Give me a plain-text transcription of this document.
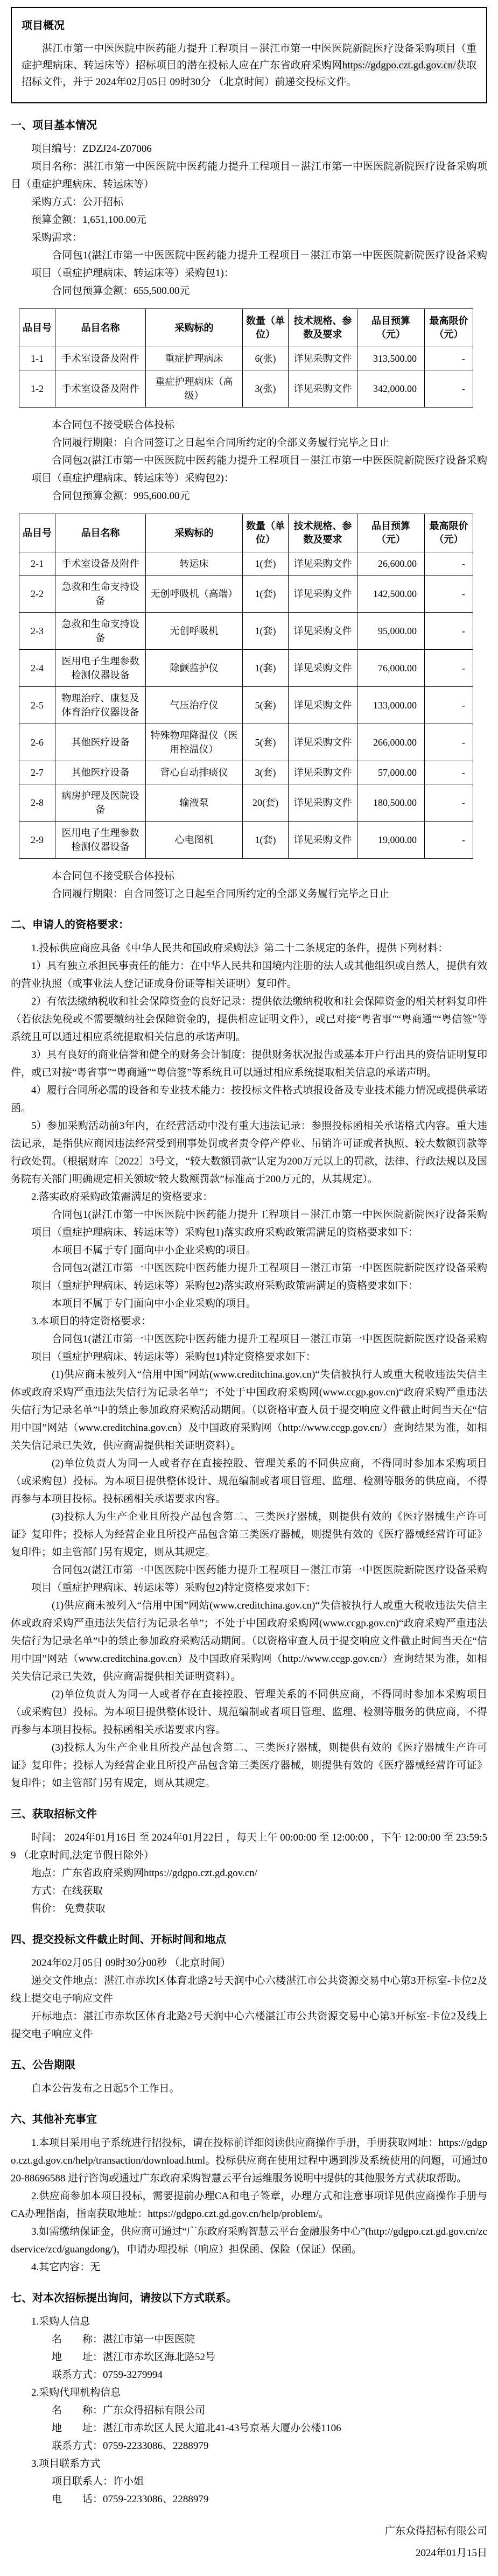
项目概况

湛江市第一中医医院中医药能力提升工程项目－湛江市第一中医医院新院医疗设备采购项目（重症护理病床、转运床等）招标项目的潜在投标人应在广东省政府采购网https://gdgpo.czt.gd.gov.cn/获取招标文件，并于 2024年02月05日 09时30分 （北京时间）前递交投标文件。

一、项目基本情况

项目编号：ZDZJ24-Z07006

项目名称：湛江市第一中医医院中医药能力提升工程项目－湛江市第一中医医院新院医疗设备采购项目（重症护理病床、转运床等）

采购方式：公开招标

预算金额：1,651,100.00元

采购需求：

合同包1(湛江市第一中医医院中医药能力提升工程项目－湛江市第一中医医院新院医疗设备采购项目（重症护理病床、转运床等）采购包1)：

合同包预算金额：655,500.00元

品目号	品目名称	采购标的	数量（单位）	技术规格、参数及要求	品目预算（元）	最高限价（元）
1-1	手术室设备及附件	重症护理病床	6(张)	详见采购文件	313,500.00	-
1-2	手术室设备及附件	重症护理病床（高级）	3(张)	详见采购文件	342,000.00	-

本合同包不接受联合体投标

合同履行期限：自合同签订之日起至合同所约定的全部义务履行完毕之日止

合同包2(湛江市第一中医医院中医药能力提升工程项目－湛江市第一中医医院新院医疗设备采购项目（重症护理病床、转运床等）采购包2)：

合同包预算金额：995,600.00元

品目号	品目名称	采购标的	数量（单位）	技术规格、参数及要求	品目预算（元）	最高限价（元）
2-1	手术室设备及附件	转运床	1(套)	详见采购文件	26,600.00	-
2-2	急救和生命支持设备	无创呼吸机（高端）	1(套)	详见采购文件	142,500.00	-
2-3	急救和生命支持设备	无创呼吸机	1(套)	详见采购文件	95,000.00	-
2-4	医用电子生理参数检测仪器设备	除颤监护仪	1(套)	详见采购文件	76,000.00	-
2-5	物理治疗、康复及体育治疗仪器设备	气压治疗仪	5(套)	详见采购文件	133,000.00	-
2-6	其他医疗设备	特殊物理降温仪（医用控温仪）	5(套)	详见采购文件	266,000.00	-
2-7	其他医疗设备	背心自动排痰仪	3(套)	详见采购文件	57,000.00	-
2-8	病房护理及医院设备	输液泵	20(套)	详见采购文件	180,500.00	-
2-9	医用电子生理参数检测仪器设备	心电图机	1(套)	详见采购文件	19,000.00	-

本合同包不接受联合体投标

合同履行期限：自合同签订之日起至合同所约定的全部义务履行完毕之日止

二、申请人的资格要求：

1.投标供应商应具备《中华人民共和国政府采购法》第二十二条规定的条件，提供下列材料：

1）具有独立承担民事责任的能力：在中华人民共和国境内注册的法人或其他组织或自然人，提供有效的营业执照（或事业法人登记证或身份证等相关证明）复印件。

2）有依法缴纳税收和社会保障资金的良好记录：提供依法缴纳税收和社会保障资金的相关材料复印件（若依法免税或不需要缴纳社会保障资金的，提供相应证明文件），或已对接“粤省事”“粤商通”“粤信签”等系统且可以通过相应系统提取相关信息的承诺声明。

3）具有良好的商业信誉和健全的财务会计制度：提供财务状况报告或基本开户行出具的资信证明复印件，或已对接“粤省事”“粤商通”“粤信签”等系统且可以通过相应系统提取相关信息的承诺声明。

4）履行合同所必需的设备和专业技术能力：按投标文件格式填报设备及专业技术能力情况或提供承诺函。

5）参加采购活动前3年内，在经营活动中没有重大违法记录：参照投标函相关承诺格式内容。重大违法记录，是指供应商因违法经营受到刑事处罚或者责令停产停业、吊销许可证或者执照、较大数额罚款等行政处罚。（根据财库〔2022〕3号文，“较大数额罚款”认定为200万元以上的罚款，法律、行政法规以及国务院有关部门明确规定相关领域“较大数额罚款”标准高于200万元的，从其规定）。

2.落实政府采购政策需满足的资格要求：

合同包1(湛江市第一中医医院中医药能力提升工程项目－湛江市第一中医医院新院医疗设备采购项目（重症护理病床、转运床等）采购包1)落实政府采购政策需满足的资格要求如下：

本项目不属于专门面向中小企业采购的项目。

合同包2(湛江市第一中医医院中医药能力提升工程项目－湛江市第一中医医院新院医疗设备采购项目（重症护理病床、转运床等）采购包2)落实政府采购政策需满足的资格要求如下：

本项目不属于专门面向中小企业采购的项目。

3.本项目的特定资格要求：

合同包1(湛江市第一中医医院中医药能力提升工程项目－湛江市第一中医医院新院医疗设备采购项目（重症护理病床、转运床等）采购包1)特定资格要求如下：

(1)供应商未被列入“信用中国”网站(www.creditchina.gov.cn)“失信被执行人或重大税收违法失信主体或政府采购严重违法失信行为记录名单”；不处于中国政府采购网(www.ccgp.gov.cn)“政府采购严重违法失信行为记录名单”中的禁止参加政府采购活动期间。（以资格审查人员于提交响应文件截止时间当天在“信用中国”网站（www.creditchina.gov.cn）及中国政府采购网（http://www.ccgp.gov.cn/）查询结果为准，如相关失信记录已失效，供应商需提供相关证明资料）。

(2)单位负责人为同一人或者存在直接控股、管理关系的不同供应商，不得同时参加本采购项目（或采购包）投标。为本项目提供整体设计、规范编制或者项目管理、监理、检测等服务的供应商，不得再参与本项目投标。投标函相关承诺要求内容。

(3)投标人为生产企业且所投产品包含第二、三类医疗器械，则提供有效的《医疗器械生产许可证》复印件；投标人为经营企业且所投产品包含第三类医疗器械，则提供有效的《医疗器械经营许可证》复印件；如主管部门另有规定，则从其规定。

合同包2(湛江市第一中医医院中医药能力提升工程项目－湛江市第一中医医院新院医疗设备采购项目（重症护理病床、转运床等）采购包2)特定资格要求如下：

(1)供应商未被列入“信用中国”网站(www.creditchina.gov.cn)“失信被执行人或重大税收违法失信主体或政府采购严重违法失信行为记录名单”；不处于中国政府采购网(www.ccgp.gov.cn)“政府采购严重违法失信行为记录名单”中的禁止参加政府采购活动期间。（以资格审查人员于提交响应文件截止时间当天在“信用中国”网站（www.creditchina.gov.cn）及中国政府采购网（http://www.ccgp.gov.cn/）查询结果为准，如相关失信记录已失效，供应商需提供相关证明资料）。

(2)单位负责人为同一人或者存在直接控股、管理关系的不同供应商，不得同时参加本采购项目（或采购包）投标。为本项目提供整体设计、规范编制或者项目管理、监理、检测等服务的供应商，不得再参与本项目投标。投标函相关承诺要求内容。

(3)投标人为生产企业且所投产品包含第二、三类医疗器械，则提供有效的《医疗器械生产许可证》复印件；投标人为经营企业且所投产品包含第三类医疗器械，则提供有效的《医疗器械经营许可证》复印件；如主管部门另有规定，则从其规定。

三、获取招标文件

时间： 2024年01月16日 至 2024年01月22日 ，每天上午 00:00:00 至 12:00:00 ，下午 12:00:00 至 23:59:59 （北京时间,法定节假日除外）

地点：广东省政府采购网https://gdgpo.czt.gd.gov.cn/

方式：在线获取

售价： 免费获取

四、提交投标文件截止时间、开标时间和地点

2024年02月05日 09时30分00秒 （北京时间）

递交文件地点：湛江市赤坎区体育北路2号天润中心六楼湛江市公共资源交易中心第3开标室-卡位2及线上提交电子响应文件

开标地点：湛江市赤坎区体育北路2号天润中心六楼湛江市公共资源交易中心第3开标室-卡位2及线上提交电子响应文件

五、公告期限

自本公告发布之日起5个工作日。

六、其他补充事宜

1.本项目采用电子系统进行招投标，请在投标前详细阅读供应商操作手册，手册获取网址：https://gdgpo.czt.gd.gov.cn/help/transaction/download.html。投标供应商在使用过程中遇到涉及系统使用的问题，可通过020-88696588 进行咨询或通过广东政府采购智慧云平台运维服务说明中提供的其他服务方式获取帮助。

2.供应商参加本项目投标，需要提前办理CA和电子签章，办理方式和注意事项详见供应商操作手册与CA办理指南，指南获取地址：https://gdgpo.czt.gd.gov.cn/help/problem/。

3.如需缴纳保证金，供应商可通过“广东政府采购智慧云平台金融服务中心”(http://gdgpo.czt.gd.gov.cn/zcdservice/zcd/guangdong/)，申请办理投标（响应）担保函、保险（保证）保函。

4.其它内容：无

七、对本次招标提出询问，请按以下方式联系。

1.采购人信息

名　　称：湛江市第一中医医院

地　　址：湛江市赤坎区海北路52号

联系方式：0759-3279994

2.采购代理机构信息

名　　称：广东众得招标有限公司

地　　址：湛江市赤坎区人民大道北41-43号京基大厦办公楼1106

联系方式：0759-2233086、2288979

3.项目联系方式

项目联系人：许小姐

电　　话：0759-2233086、2288979

广东众得招标有限公司

2024年01月15日
